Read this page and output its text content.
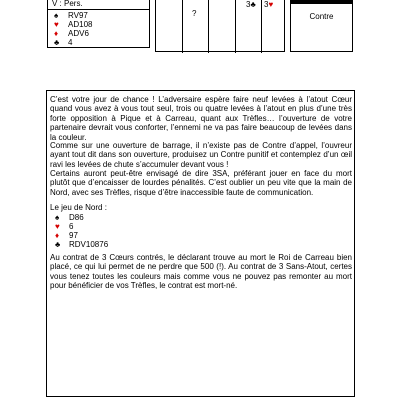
V : Pers.
♠ RV97
♥ AD108
♦ ADV6
♣ 4
?
3♣ 3♥
Contre

C’est votre jour de chance ! L’adversaire espère faire neuf levées à l’atout Cœur quand vous avez à vous tout seul, trois ou quatre levées à l’atout en plus d’une très forte opposition à Pique et à Carreau, quant aux Trèfles… l’ouverture de votre partenaire devrait vous conforter, l’ennemi ne va pas faire beaucoup de levées dans la couleur.

Comme sur une ouverture de barrage, il n’existe pas de Contre d’appel, l’ouvreur ayant tout dit dans son ouverture, produisez un Contre punitif et contemplez d’un œil ravi les levées de chute s’accumuler devant vous !

Certains auront peut-être envisagé de dire 3SA, préférant jouer en face du mort plutôt que d’encaisser de lourdes pénalités. C’est oublier un peu vite que la main de Nord, avec ses Trèfles, risque d’être inaccessible faute de communication.

Le jeu de Nord :

♠ D86
♥ 6
♦ 97
♣ RDV10876

Au contrat de 3 Cœurs contrés, le déclarant trouve au mort le Roi de Carreau bien placé, ce qui lui permet de ne perdre que 500 (!). Au contrat de 3 Sans-Atout, certes vous tenez toutes les couleurs mais comme vous ne pouvez pas remonter au mort pour bénéficier de vos Trèfles, le contrat est mort-né.
